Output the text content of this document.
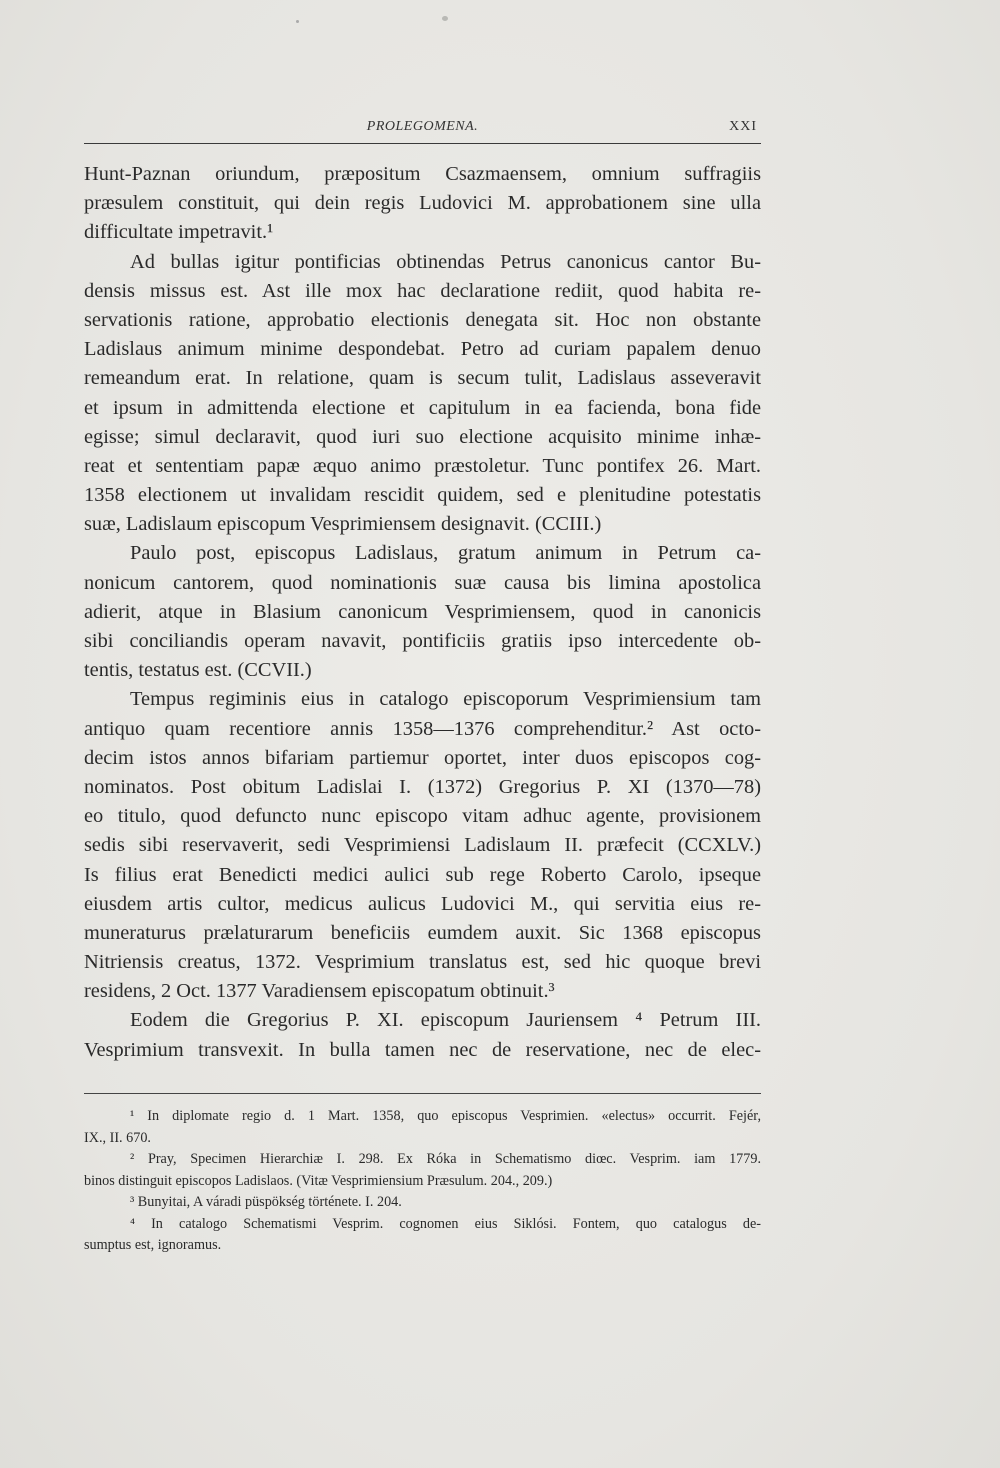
PROLEGOMENA.	XXI
Hunt-Paznan oriundum, præpositum Csazmaensem, omnium suffragiis
præsulem constituit, qui dein regis Ludovici M. approbationem sine ulla
difficultate impetravit.¹
Ad bullas igitur pontificias obtinendas Petrus canonicus cantor Bu-
densis missus est. Ast ille mox hac declaratione rediit, quod habita re-
servationis ratione, approbatio electionis denegata sit. Hoc non obstante
Ladislaus animum minime despondebat. Petro ad curiam papalem denuo
remeandum erat. In relatione, quam is secum tulit, Ladislaus asseveravit
et ipsum in admittenda electione et capitulum in ea facienda, bona fide
egisse; simul declaravit, quod iuri suo electione acquisito minime inhæ-
reat et sententiam papæ æquo animo præstoletur. Tunc pontifex 26. Mart.
1358 electionem ut invalidam rescidit quidem, sed e plenitudine potestatis
suæ, Ladislaum episcopum Vesprimiensem designavit. (CCIII.)
Paulo post, episcopus Ladislaus, gratum animum in Petrum ca-
nonicum cantorem, quod nominationis suæ causa bis limina apostolica
adierit, atque in Blasium canonicum Vesprimiensem, quod in canonicis
sibi conciliandis operam navavit, pontificiis gratiis ipso intercedente ob-
tentis, testatus est. (CCVII.)
Tempus regiminis eius in catalogo episcoporum Vesprimiensium tam
antiquo quam recentiore annis 1358—1376 comprehenditur.² Ast octo-
decim istos annos bifariam partiemur oportet, inter duos episcopos cog-
nominatos. Post obitum Ladislai I. (1372) Gregorius P. XI (1370—78)
eo titulo, quod defuncto nunc episcopo vitam adhuc agente, provisionem
sedis sibi reservaverit, sedi Vesprimiensi Ladislaum II. præfecit (CCXLV.)
Is filius erat Benedicti medici aulici sub rege Roberto Carolo, ipseque
eiusdem artis cultor, medicus aulicus Ludovici M., qui servitia eius re-
muneraturus prælaturarum beneficiis eumdem auxit. Sic 1368 episcopus
Nitriensis creatus, 1372. Vesprimium translatus est, sed hic quoque brevi
residens, 2 Oct. 1377 Varadiensem episcopatum obtinuit.³
Eodem die Gregorius P. XI. episcopum Jauriensem ⁴ Petrum III.
Vesprimium transvexit. In bulla tamen nec de reservatione, nec de elec-
¹ In diplomate regio d. 1 Mart. 1358, quo episcopus Vesprimien. «electus» occurrit. Fejér,
IX., II. 670.
² Pray, Specimen Hierarchiæ I. 298. Ex Róka in Schematismo diœc. Vesprim. iam 1779.
binos distinguit episcopos Ladislaos. (Vitæ Vesprimiensium Præsulum. 204., 209.)
³ Bunyitai, A váradi püspökség története. I. 204.
⁴ In catalogo Schematismi Vesprim. cognomen eius Siklósi. Fontem, quo catalogus de-
sumptus est, ignoramus.
